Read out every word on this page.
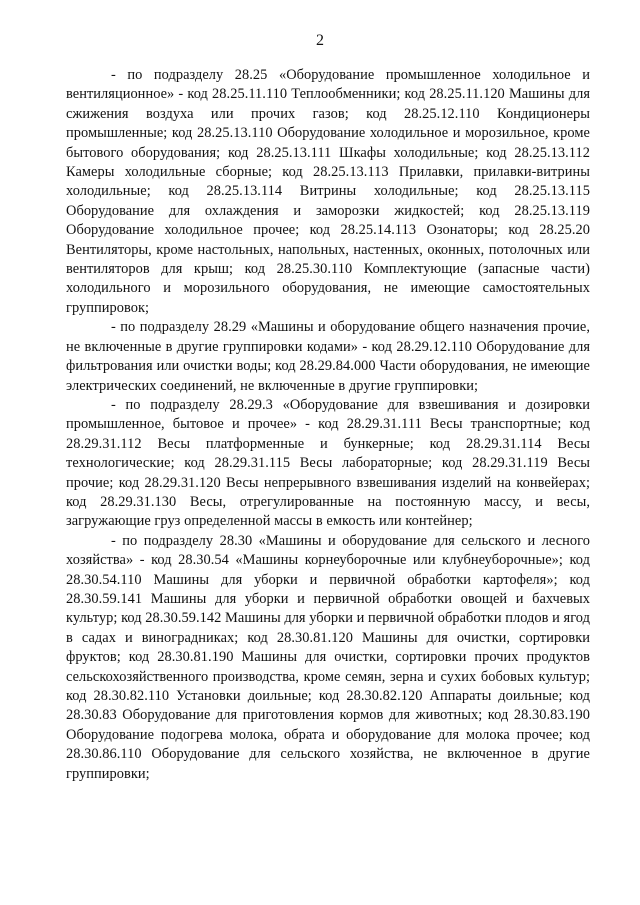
2

- по подразделу 28.25 «Оборудование промышленное холодильное и вентиляционное» - код 28.25.11.110 Теплообменники; код 28.25.11.120 Машины для сжижения воздуха или прочих газов; код 28.25.12.110 Кондиционеры промышленные; код 28.25.13.110 Оборудование холодильное и морозильное, кроме бытового оборудования; код 28.25.13.111 Шкафы холодильные; код 28.25.13.112 Камеры холодильные сборные; код 28.25.13.113 Прилавки, прилавки-витрины холодильные; код 28.25.13.114 Витрины холодильные; код 28.25.13.115 Оборудование для охлаждения и заморозки жидкостей; код 28.25.13.119 Оборудование холодильное прочее; код 28.25.14.113 Озонаторы; код 28.25.20 Вентиляторы, кроме настольных, напольных, настенных, оконных, потолочных или вентиляторов для крыш; код 28.25.30.110 Комплектующие (запасные части) холодильного и морозильного оборудования, не имеющие самостоятельных группировок;

- по подразделу 28.29 «Машины и оборудование общего назначения прочие, не включенные в другие группировки кодами» - код 28.29.12.110 Оборудование для фильтрования или очистки воды; код 28.29.84.000 Части оборудования, не имеющие электрических соединений, не включенные в другие группировки;

- по подразделу 28.29.3 «Оборудование для взвешивания и дозировки промышленное, бытовое и прочее» - код 28.29.31.111 Весы транспортные; код 28.29.31.112 Весы платформенные и бункерные; код 28.29.31.114 Весы технологические; код 28.29.31.115 Весы лабораторные; код 28.29.31.119 Весы прочие; код 28.29.31.120 Весы непрерывного взвешивания изделий на конвейерах; код 28.29.31.130 Весы, отрегулированные на постоянную массу, и весы, загружающие груз определенной массы в емкость или контейнер;

- по подразделу 28.30 «Машины и оборудование для сельского и лесного хозяйства» - код 28.30.54 «Машины корнеуборочные или клубнеуборочные»; код 28.30.54.110 Машины для уборки и первичной обработки картофеля»; код 28.30.59.141 Машины для уборки и первичной обработки овощей и бахчевых культур; код 28.30.59.142 Машины для уборки и первичной обработки плодов и ягод в садах и виноградниках; код 28.30.81.120 Машины для очистки, сортировки фруктов; код 28.30.81.190 Машины для очистки, сортировки прочих продуктов сельскохозяйственного производства, кроме семян, зерна и сухих бобовых культур; код 28.30.82.110 Установки доильные; код 28.30.82.120 Аппараты доильные; код 28.30.83 Оборудование для приготовления кормов для животных; код 28.30.83.190 Оборудование подогрева молока, обрата и оборудование для молока прочее; код 28.30.86.110 Оборудование для сельского хозяйства, не включенное в другие группировки;
